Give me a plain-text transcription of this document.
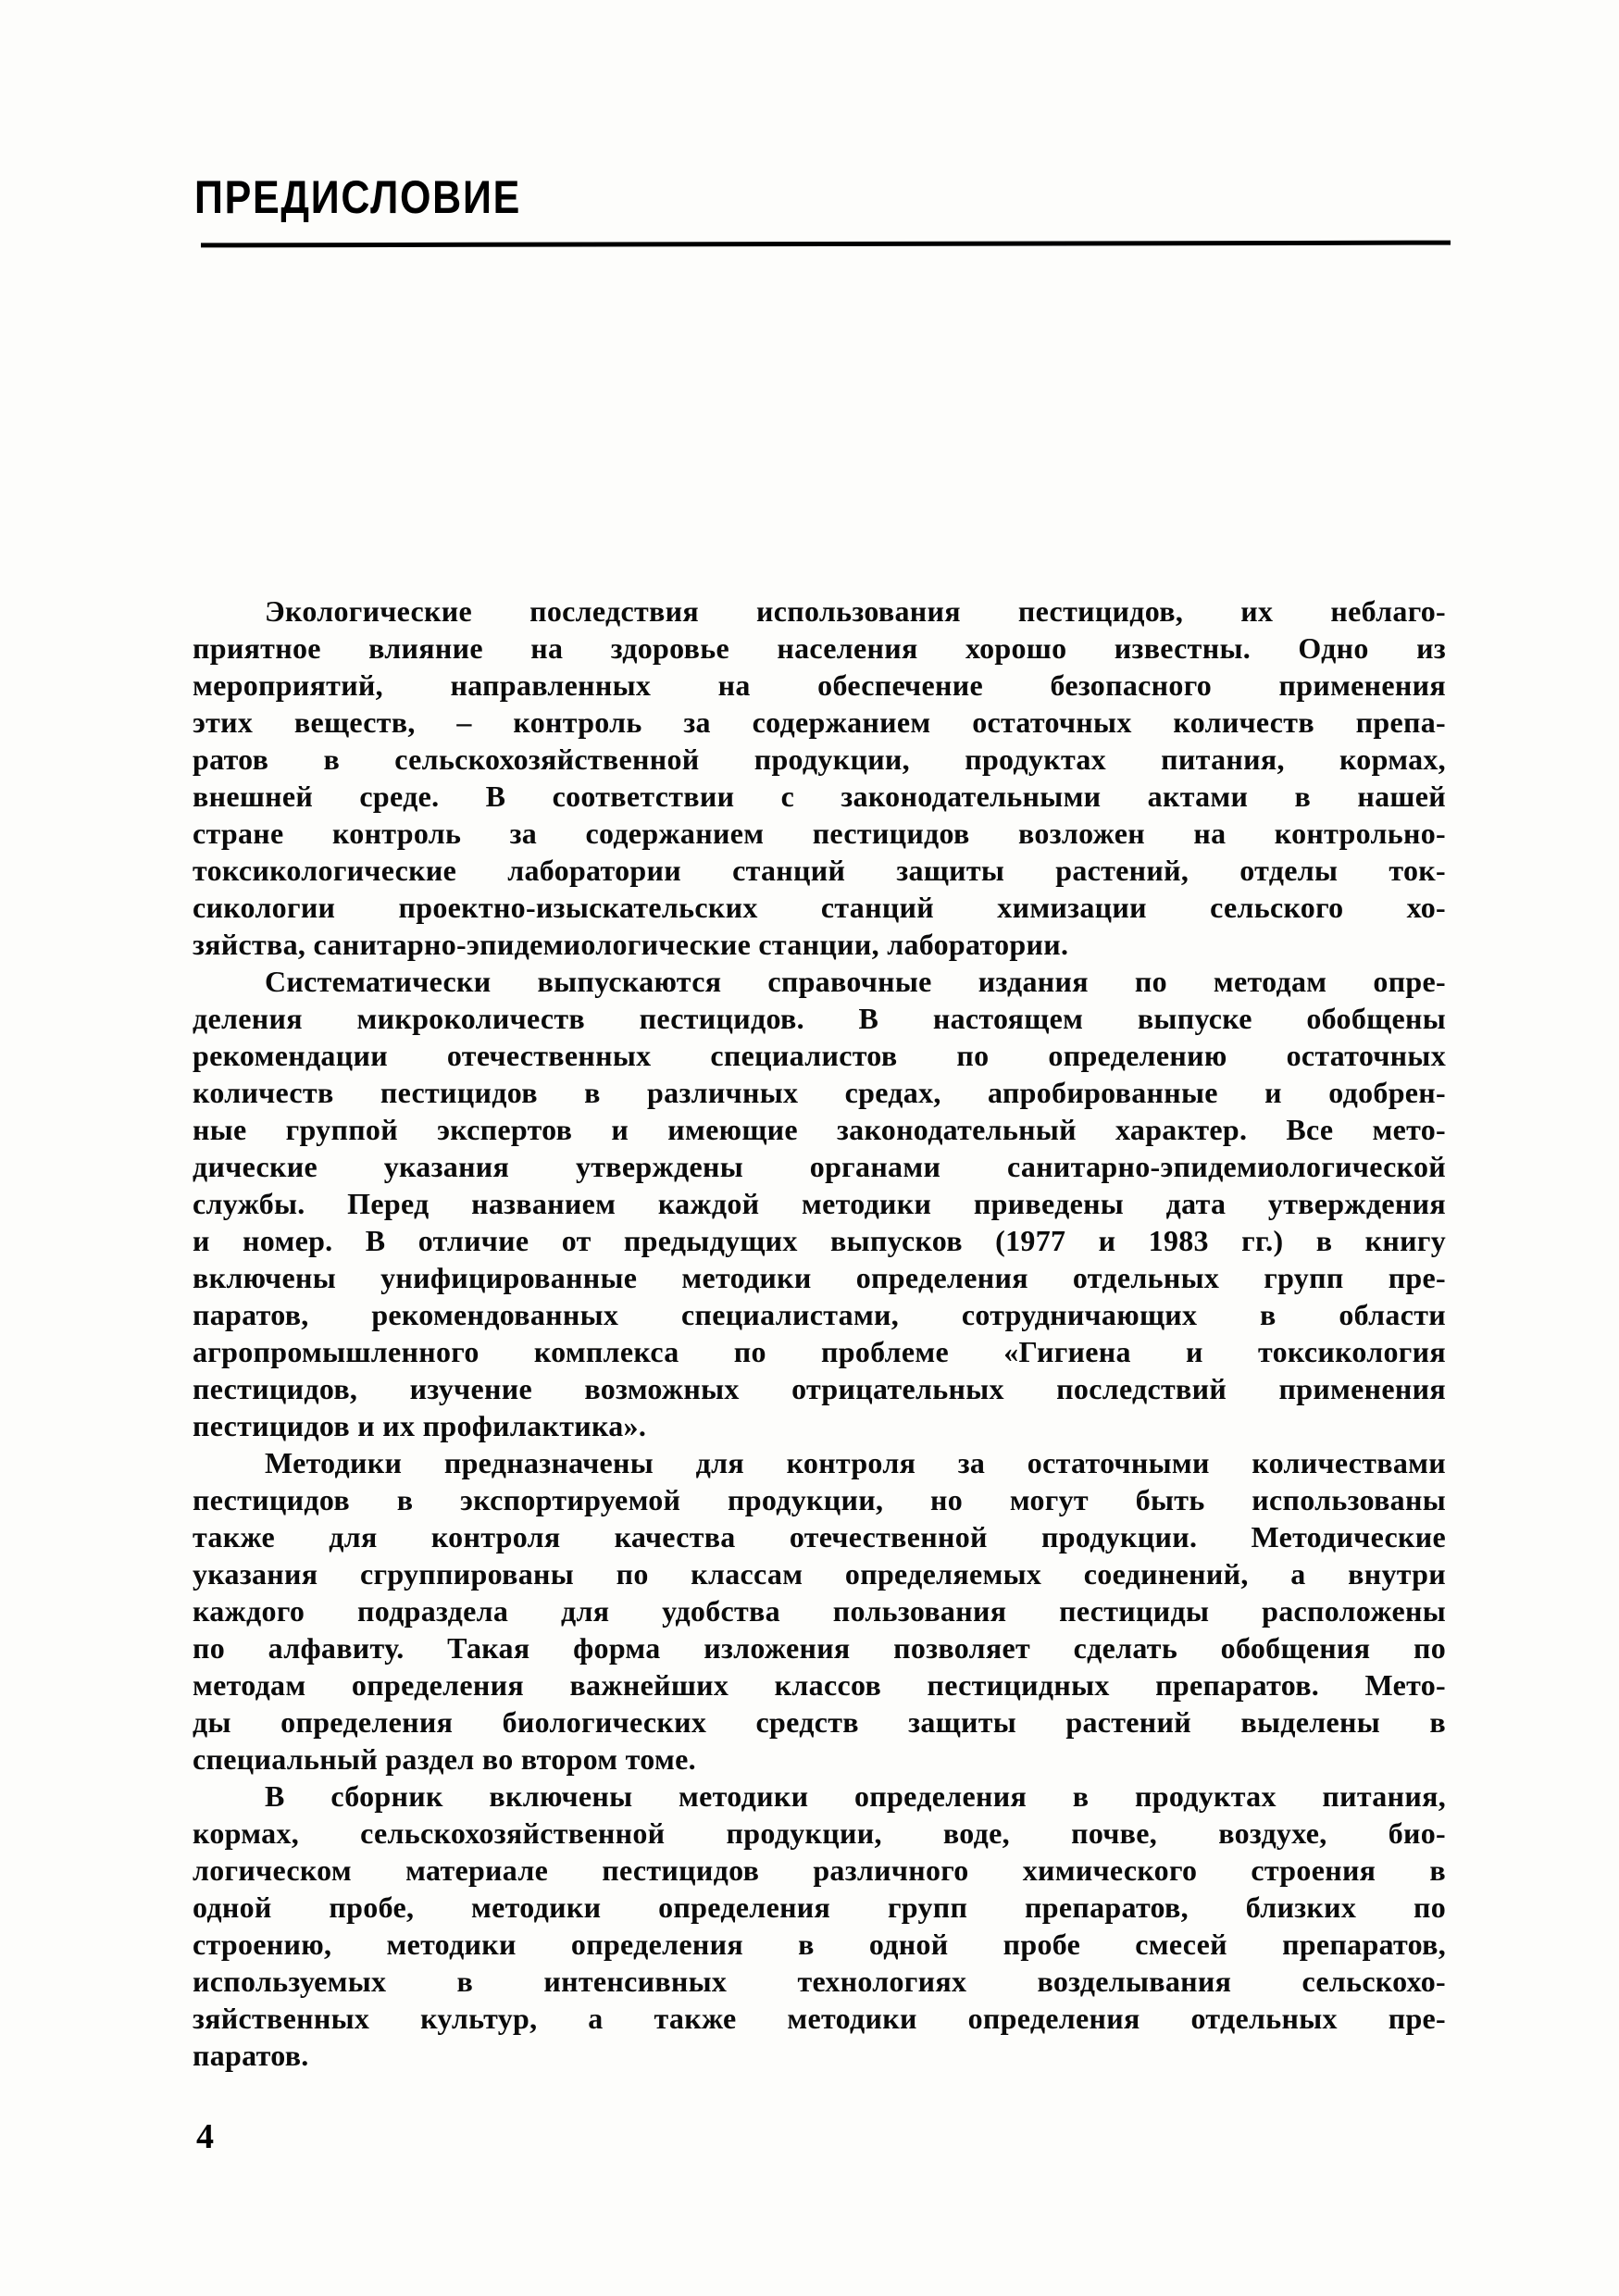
ПРЕДИСЛОВИЕ
Экологические последствия использования пестицидов, их неблаго-
приятное влияние на здоровье населения хорошо известны. Одно из
мероприятий, направленных на обеспечение безопасного применения
этих веществ, – контроль за содержанием остаточных количеств препа-
ратов в сельскохозяйственной продукции, продуктах питания, кормах,
внешней среде. В соответствии с законодательными актами в нашей
стране контроль за содержанием пестицидов возложен на контрольно-
токсикологические лаборатории станций защиты растений, отделы ток-
сикологии проектно-изыскательских станций химизации сельского хо-
зяйства, санитарно-эпидемиологические станции, лаборатории.
Систематически выпускаются справочные издания по методам опре-
деления микроколичеств пестицидов. В настоящем выпуске обобщены
рекомендации отечественных специалистов по определению остаточных
количеств пестицидов в различных средах, апробированные и одобрен-
ные группой экспертов и имеющие законодательный характер. Все мето-
дические указания утверждены органами санитарно-эпидемиологической
службы. Перед названием каждой методики приведены дата утверждения
и номер. В отличие от предыдущих выпусков (1977 и 1983 гг.) в книгу
включены унифицированные методики определения отдельных групп пре-
паратов, рекомендованных специалистами, сотрудничающих в области
агропромышленного комплекса по проблеме «Гигиена и токсикология
пестицидов, изучение возможных отрицательных последствий применения
пестицидов и их профилактика».
Методики предназначены для контроля за остаточными количествами
пестицидов в экспортируемой продукции, но могут быть использованы
также для контроля качества отечественной продукции. Методические
указания сгруппированы по классам определяемых соединений, а внутри
каждого подраздела для удобства пользования пестициды расположены
по алфавиту. Такая форма изложения позволяет сделать обобщения по
методам определения важнейших классов пестицидных препаратов. Мето-
ды определения биологических средств защиты растений выделены в
специальный раздел во втором томе.
В сборник включены методики определения в продуктах питания,
кормах, сельскохозяйственной продукции, воде, почве, воздухе, био-
логическом материале пестицидов различного химического строения в
одной пробе, методики определения групп препаратов, близких по
строению, методики определения в одной пробе смесей препаратов,
используемых в интенсивных технологиях возделывания сельскохо-
зяйственных культур, а также методики определения отдельных пре-
паратов.
4
